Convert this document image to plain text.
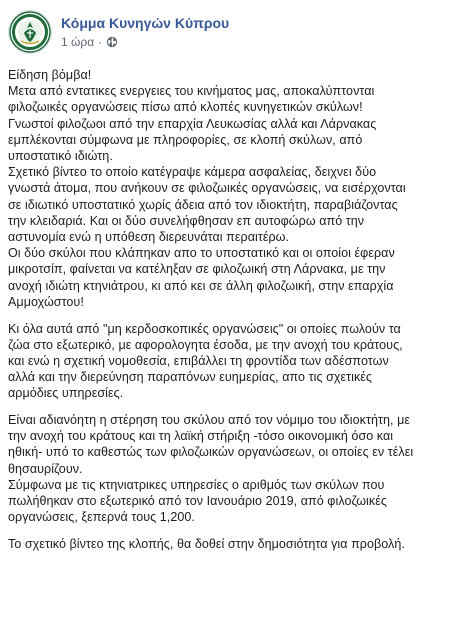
Κόμμα Κυνηγών Κύπρου
1 ώρα ·
Είδηση βόμβα!
Μετα από εντατικες ενεργειες του κινήματος μας, αποκαλύπτονται
φιλοζωικές οργανώσεις πίσω από κλοπές κυνηγετικών σκύλων!
Γνωστοί φιλοζωοι από την επαρχία Λευκωσίας αλλά και Λάρνακας
εμπλέκονται σύμφωνα με πληροφορίες, σε κλοπή σκύλων, από
υποστατικό ιδιώτη.
Σχετικό βίντεο το οποίο κατέγραψε κάμερα ασφαλείας, δειχνει δύο
γνωστά άτομα, που ανήκουν σε φιλοζωικές οργανώσεις, να εισέρχονται
σε ιδιωτικό υποστατικό χωρίς άδεια από τον ιδιοκτήτη, παραβιάζοντας
την κλειδαριά. Και οι δύο συνελήφθησαν επ αυτοφώρω από την
αστυνομία ενώ η υπόθεση διερευνάται περαιτέρω.
Οι δύο σκύλοι που κλάπηκαν απο το υποστατικό και οι οποίοι έφεραν
μικροτσίπ, φαίνεται να κατέληξαν σε φιλοζωική στη Λάρνακα, με την
ανοχή ιδιώτη κτηνιάτρου, κι από κει σε άλλη φιλοζωική, στην επαρχία
Αμμοχώστου!
Κι όλα αυτά από "μη κερδοσκοπικές οργανώσεις" οι οποίες πωλούν τα
ζώα στο εξωτερικό, με αφορολογητα έσοδα, με την ανοχή του κράτους,
και ενώ η σχετική νομοθεσία, επιβάλλει τη φροντίδα των αδέσποτων
αλλά και την διερεύνηση παραπόνων ευημερίας, απο τις σχετικές
αρμόδιες υπηρεσίες.
Είναι αδιανόητη η στέρηση του σκύλου από τον νόμιμο του ιδιοκτήτη, με
την ανοχή του κράτους και τη λαϊκή στήριξη -τόσο οικονομική όσο και
ηθική- υπό το καθεστώς των φιλοζωικών οργανώσεων, οι οποίες εν τέλει
θησαυρίζουν.
Σύμφωνα με τις κτηνιατρικες υπηρεσίες ο αριθμός των σκύλων που
πωλήθηκαν στο εξωτερικό από τον Ιανουάριο 2019, από φιλοζωικές
οργανώσεις, ξεπερνά τους 1,200.
Το σχετικό βίντεο της κλοπής, θα δοθεί στην δημοσιότητα για προβολή.
